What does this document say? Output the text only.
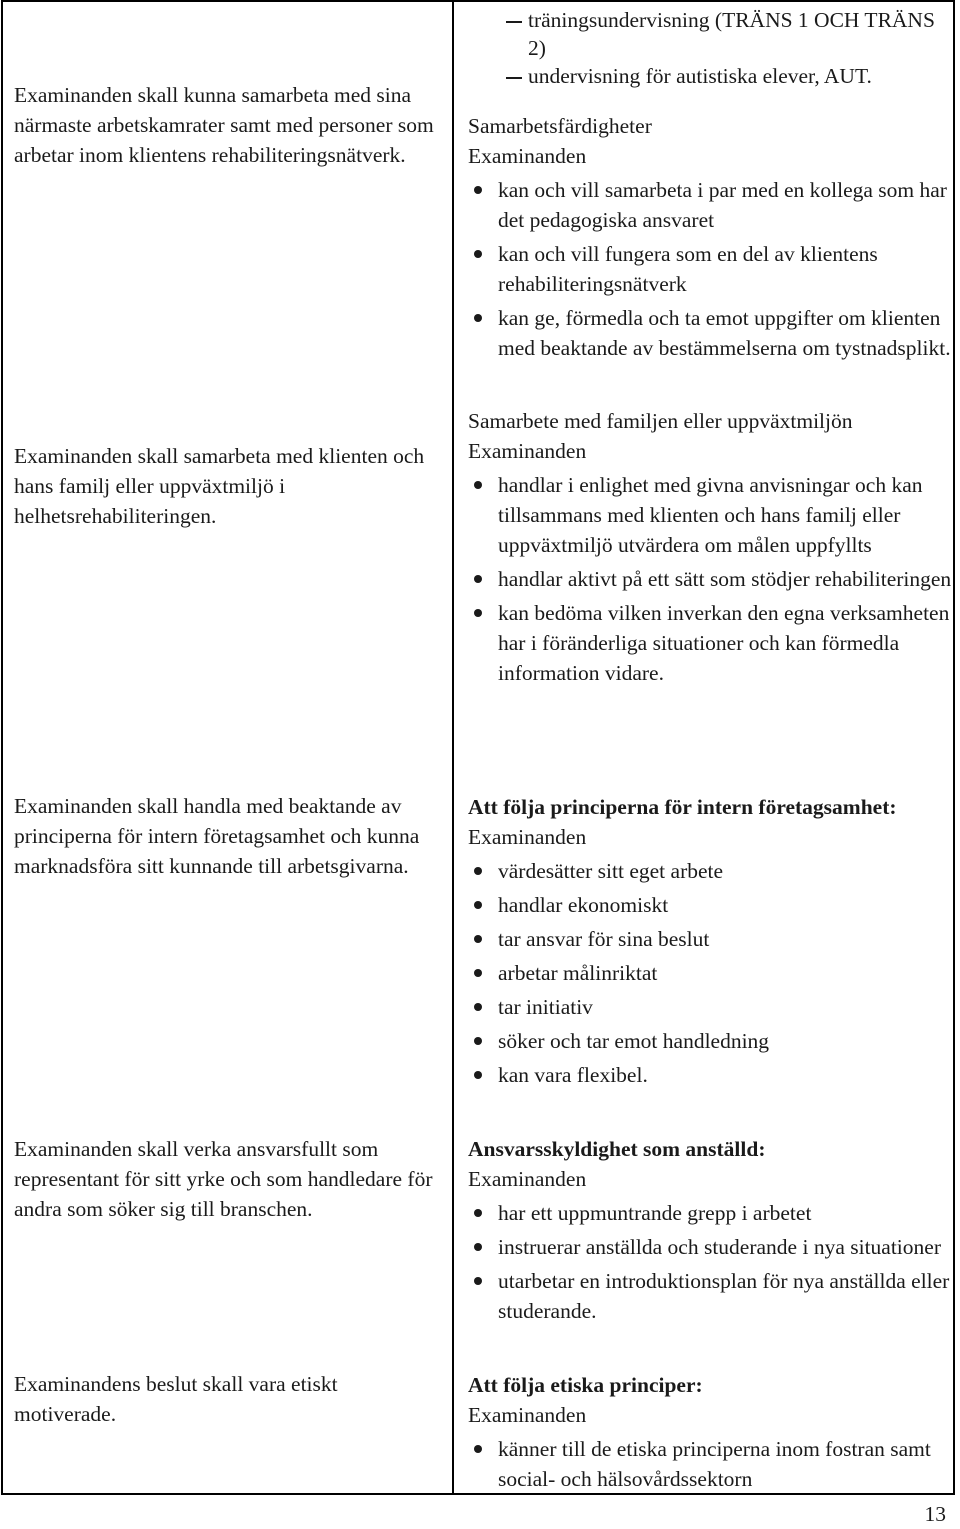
Examinanden skall kunna samarbeta med sina närmaste arbetskamrater samt med personer som arbetar inom klientens rehabiliteringsnätverk.
Examinanden skall samarbeta med klienten och hans familj eller uppväxtmiljö i helhetsrehabiliteringen.
Examinanden skall handla med beaktande av principerna för intern företagsamhet och kunna marknadsföra sitt kunnande till arbetsgivarna.
Examinanden skall verka ansvarsfullt som representant för sitt yrke och som handledare för andra som söker sig till branschen.
Examinandens beslut skall vara etiskt motiverade.
träningsundervisning (TRÄNS 1 OCH TRÄNS 2)
undervisning för autistiska elever, AUT.
Samarbetsfärdigheter
Examinanden
kan och vill samarbeta i par med en kollega som har det pedagogiska ansvaret
kan och vill fungera som en del av klientens rehabiliteringsnätverk
kan ge, förmedla och ta emot uppgifter om klienten med beaktande av bestämmelserna om tystnadsplikt.
Samarbete med familjen eller uppväxtmiljön
Examinanden
handlar i enlighet med givna anvisningar och kan tillsammans med klienten och hans familj eller uppväxtmiljö utvärdera om målen uppfyllts
handlar aktivt på ett sätt som stödjer rehabiliteringen
kan bedöma vilken inverkan den egna verksamheten har i föränderliga situationer och kan förmedla information vidare.
Att följa principerna för intern företagsamhet:
Examinanden
värdesätter sitt eget arbete
handlar ekonomiskt
tar ansvar för sina beslut
arbetar målinriktat
tar initiativ
söker och tar emot handledning
kan vara flexibel.
Ansvarsskyldighet som anställd:
Examinanden
har ett uppmuntrande grepp i arbetet
instruerar anställda och studerande i nya situationer
utarbetar en introduktionsplan för nya anställda eller studerande.
Att följa etiska principer:
Examinanden
känner till de etiska principerna inom fostran samt social- och hälsovårdssektorn
13
